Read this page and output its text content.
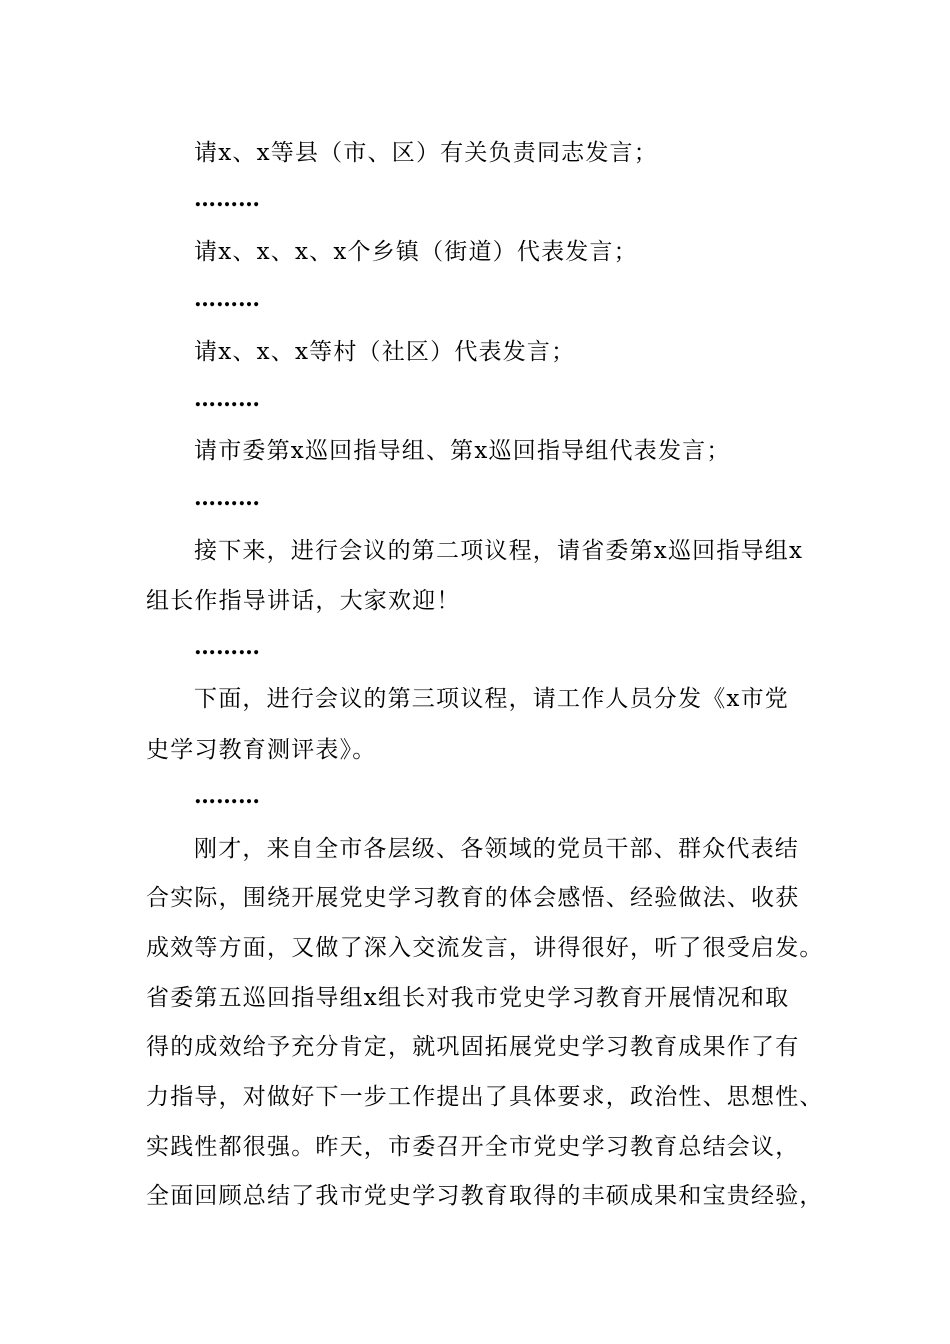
请x、x等县（市、区）有关负责同志发言；
………
请x、x、x、x个乡镇（街道）代表发言；
………
请x、x、x等村（社区）代表发言；
………
请市委第x巡回指导组、第x巡回指导组代表发言；
………
接下来，进行会议的第二项议程，请省委第x巡回指导组x
组长作指导讲话，大家欢迎！
………
下面，进行会议的第三项议程，请工作人员分发《x市党
史学习教育测评表》。
………
刚才，来自全市各层级、各领域的党员干部、群众代表结
合实际，围绕开展党史学习教育的体会感悟、经验做法、收获
成效等方面，又做了深入交流发言，讲得很好，听了很受启发。
省委第五巡回指导组x组长对我市党史学习教育开展情况和取
得的成效给予充分肯定，就巩固拓展党史学习教育成果作了有
力指导，对做好下一步工作提出了具体要求，政治性、思想性、
实践性都很强。昨天，市委召开全市党史学习教育总结会议，
全面回顾总结了我市党史学习教育取得的丰硕成果和宝贵经验，
